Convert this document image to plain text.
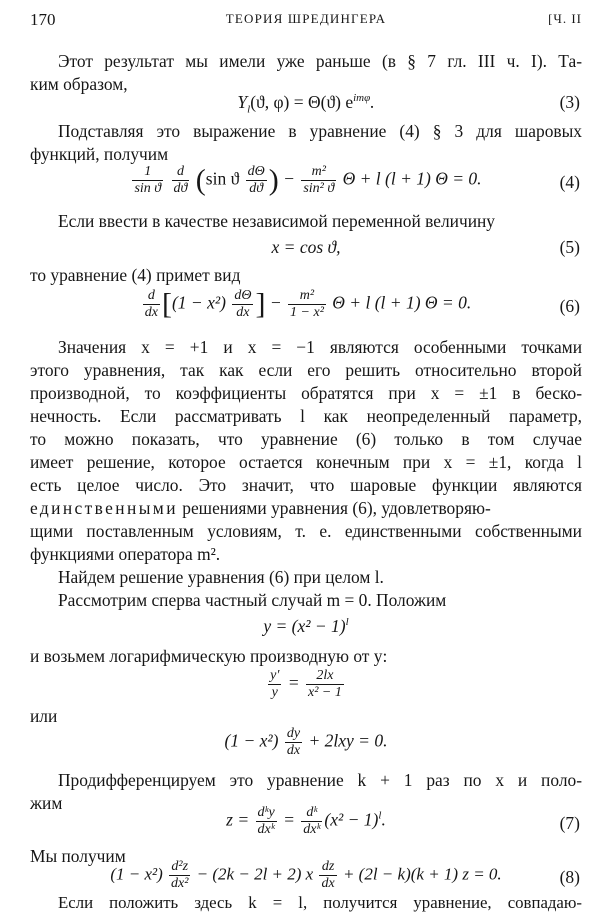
170	ТЕОРИЯ ШРЕДИНГЕРА	[Ч. II
Этот результат мы имели уже раньше (в § 7 гл. III ч. I). Та-
ким образом,
$Y_l(ϑ$, φ) = Θ(ϑ) $e^{im\varphi}$.	(3)
Подставляя это выражение в уравнение (4) § 3 для шаровых
функций, получим
$\frac{1}{\text{sin ϑ}}$
$\frac{d}{dϑ} (\sin$ ϑ $\frac{d\Theta}{dϑ}$ ) − $\frac{\text{m²}}{\text{sin² ϑ}}$ Θ + l (l + 1) Θ = 0.	(4)
Если ввести в качестве независимой переменной величину
x = cos ϑ,	(5)
то уравнение (4) примет вид
$\frac{d}{dx} [(1 - x^2) \frac{d\Theta}{dx}$ ] − $\frac{\text{m²}}{\text{1 − x²}}$ Θ + l (l + 1) Θ = 0.	(6)
Значения x = +1 и x = −1 являются особенными точками
этого уравнения, так как если его решить относительно второй
производной, то коэффициенты обратятся при x = ±1 в беско-
нечность. Если рассматривать l как неопределенный параметр,
то можно показать, что уравнение (6) только в том случае
имеет решение, которое остается конечным при x = ±1, когда l
есть целое число. Это значит, что шаровые функции являются
единственными решениями уравнения (6), удовлетворяю-
щими поставленным условиям, т. е. единственными собственными
функциями оператора m².
Найдем решение уравнения (6) при целом l.
Рассмотрим сперва частный случай m = 0. Положим
$y = (x^2 - 1)^l$
и возьмем логарифмическую производную от y:
$\frac{y'}{y} = \frac{2lx}{\text{x² − 1}}$
или
$(1 - x^2) \frac{dy}{dx} + 2lxy = 0$.
Продифференцируем это уравнение k + 1 раз по x и поло-
жим
$z = \frac{\text{dᵏy}}{\text{dxᵏ}} = \frac{\text{dᵏ}}{\text{dxᵏ}} (x^2 - 1)^l$.	(7)
Мы получим
$(1 - x^2) \frac{\text{d²z}}{\text{dx²}} - (2k - 2l + 2)$ x $\frac{dz}{dx} + (2l - k)(k + 1) z = 0$.	(8)
Если положить здесь k = l, получится уравнение, совпадаю-
